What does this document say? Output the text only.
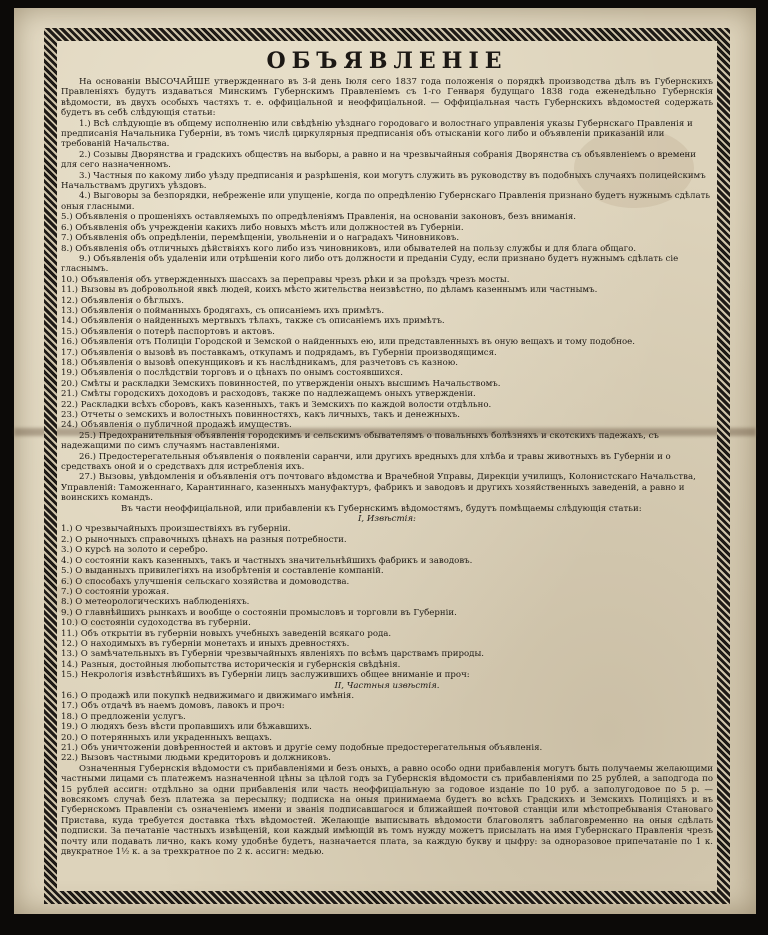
ОБЪЯВЛЕНІЕ

На основаніи ВЫСОЧАЙШЕ утвержденнаго въ 3-й день Іюля сего 1837 года положенія о порядкѣ производства дѣлъ въ Губернскихъ Правленіяхъ будутъ издаваться Минскимъ Губернскимъ Правленіемъ съ 1-го Генваря будущаго 1838 года еженедѣльно Губернскія вѣдомости, въ двухъ особыхъ частяхъ т. е. оффиціальной и неоффиціальной. — Оффиціальная часть Губернскихъ вѣдомостей содержать будетъ въ себѣ слѣдующія статьи:

1.) Всѣ слѣдующіе въ общему исполненію или свѣдѣнію уѣзднаго городоваго и волостнаго управленія указы Губернскаго Правленія и предписанія Начальника Губерніи, въ томъ числѣ циркулярныя предписанія объ отысканіи кого либо и объявленіи приказаній или требованій Начальства.

2.) Созывы Дворянства и градскихъ обществъ на выборы, а равно и на чрезвычайныя собранія Дворянства съ объявленіемъ о времени для сего назначенномъ.

3.) Частныя по какому либо уѣзду предписанія и разрѣшенія, кои могутъ служить въ руководству въ подобныхъ случаяхъ полицейскимъ Начальствамъ другихъ уѣздовъ.

4.) Выговоры за безпорядки, небреженіе или упущеніе, когда по опредѣленію Губернскаго Правленія признано будетъ нужнымъ сдѣлать оныя гласными.

5.) Объявленія о прошеніяхъ оставляемыхъ по опредѣленіямъ Правленія, на основаніи законовъ, безъ вниманія.

6.) Объявленія объ учрежденіи какихъ либо новыхъ мѣстъ или должностей въ Губерніи.

7.) Объявленія объ опредѣленіи, перемѣщеніи, увольненіи и о наградахъ Чиновниковъ.

8.) Объявленія объ отличныхъ дѣйствіяхъ кого либо изъ чиновниковъ, или обывателей на пользу службы и для блага общаго.

9.) Объявленія объ удаленіи или отрѣшеніи кого либо отъ должности и преданіи Суду, если признано будетъ нужнымъ сдѣлать сіе гласнымъ.

10.) Объявленія объ утвержденныхъ шассахъ за переправы чрезъ рѣки и за проѣздъ чрезъ мосты.

11.) Вызовы въ добровольной явкѣ людей, коихъ мѣсто жительства неизвѣстно, по дѣламъ казеннымъ или частнымъ.

12.) Объявленія о бѣглыхъ.

13.) Объявленія о пойманныхъ бродягахъ, съ описаніемъ ихъ примѣтъ.

14.) Объявленія о найденныхъ мертвыхъ тѣлахъ, также съ описаніемъ ихъ примѣтъ.

15.) Объявленія о потерѣ паспортовъ и актовъ.

16.) Объявленія отъ Полиціи Городской и Земской о найденныхъ ею, или представленныхъ въ оную вещахъ и тому подобное.

17.) Объявленія о вызовѣ въ поставкамъ, откупамъ и подрядамъ, въ Губерніи производящимся.

18.) Объявленія о вызовѣ опекунщиковъ и къ наслѣдникамъ, для разчетовъ съ казною.

19.) Объявленія о послѣдствіи торговъ и о цѣнахъ по онымъ состоявшихся.

20.) Смѣты и раскладки Земскихъ повинностей, по утвержденіи оныхъ высшимъ Начальствомъ.

21.) Смѣты городскихъ доходовъ и расходовъ, также по надлежащемъ оныхъ утвержденіи.

22.) Раскладки всѣхъ сборовъ, какъ казенныхъ, такъ и Земскихъ по каждой волости отдѣльно.

23.) Отчеты о земскихъ и волостныхъ повинностяхъ, какъ личныхъ, такъ и денежныхъ.

24.) Объявленія о публичной продажѣ имуществъ.

25.) Предохранительныя объявленія городскимъ и сельскимъ обывателямъ о повальныхъ болѣзняхъ и скотскихъ падежахъ, съ надежащими по симъ случаямъ наставленіями.

26.) Предостерегательныя объявленія о появленіи саранчи, или другихъ вредныхъ для хлѣба и травы животныхъ въ Губерніи и о средствахъ оной и о средствахъ для истребленія ихъ.

27.) Вызовы, увѣдомленія и объявленія отъ почтоваго вѣдомства и Врачебной Управы, Дирекціи училищъ, Колонистскаго Начальства, Управленій: Таможеннаго, Карантиннаго, казенныхъ мануфактуръ, фабрикъ и заводовъ и другихъ хозяйственныхъ заведеній, а равно и воинскихъ командъ.

Въ части неоффиціальной, или прибавленіи къ Губернскимъ вѣдомостямъ, будутъ помѣщаемы слѣдующія статьи:

I, Извѣстія:

1.) О чрезвычайныхъ произшествіяхъ въ губерніи.

2.) О рыночныхъ справочныхъ цѣнахъ на разныя потребности.

3.) О курсѣ на золото и серебро.

4.) О состояніи какъ казенныхъ, такъ и частныхъ значительнѣйшихъ фабрикъ и заводовъ.

5.) О выданныхъ привилегіяхъ на изобрѣтенія и составленіе компаній.

6.) О способахъ улучшенія сельскаго хозяйства и домоводства.

7.) О состояніи урожая.

8.) О метеорологическихъ наблюденіяхъ.

9.) О главнѣйшихъ рынкахъ и вообще о состояніи промысловъ и торговли въ Губерніи.

10.) О состояніи судоходства въ губерніи.

11.) Объ открытіи въ губерніи новыхъ учебныхъ заведеній всякаго рода.

12.) О находимыхъ въ губерніи монетахъ и иныхъ древностяхъ.

13.) О замѣчательныхъ въ Губерніи чрезвычайныхъ явленіяхъ по всѣмъ царствамъ природы.

14.) Разныя, достойныя любопытства историческія и губернскія свѣдѣнія.

15.) Некрологія извѣстнѣйшихъ въ Губерніи лицъ заслужившихъ общее вниманіе и проч:

II, Частныя извѣстія.

16.) О продажѣ или покупкѣ недвижимаго и движимаго имѣнія.

17.) Объ отдачѣ въ наемъ домовъ, лавокъ и проч:

18.) О предложеніи услугъ.

19.) О людяхъ безъ вѣсти пропавшихъ или бѣжавшихъ.

20.) О потерянныхъ или украденныхъ вещахъ.

21.) Объ уничтоженіи довѣренностей и актовъ и другіе сему подобные предостерегательныя объявленія.

22.) Вызовъ частными людьми кредиторовъ и должниковъ.

Означенныя Губернскія вѣдомости съ прибавленіями и безъ оныхъ, а равно особо одни прибавленія могутъ быть получаемы желающими частными лицами съ платежемъ назначенной цѣны за цѣлой годъ за Губернскія вѣдомости съ прибавленіями по 25 рублей, а заподгода по 15 рублей ассигн: отдѣльно за одни прибавленія или часть неоффиціальную за годовое изданіе по 10 руб. а заполугодовое по 5 р. — вовсякомъ случаѣ безъ платежа за пересылку; подписка на оныя принимаема будетъ во всѣхъ Градскихъ и Земскихъ Полиціяхъ и въ Губернскомъ Правленіи съ означеніемъ имени и званія подписавшагося и ближайшей почтовой станціи или мѣстопребыванія Становаго Пристава, куда требуется доставка тѣхъ вѣдомостей. Желающіе выписывать вѣдомости благоволятъ заблаговременно на оныя сдѣлать подписки. За печатаніе частныхъ извѣщеній, кои каждый имѣющій въ томъ нужду можетъ присылать на имя Губернскаго Правленія чрезъ почту или подавать лично, какъ кому удобнѣе будетъ, назначается плата, за каждую букву и цыфру: за одноразовое припечатаніе по 1 к. двукратное 1½ к. а за трехкратное по 2 к. ассигн: медью.
